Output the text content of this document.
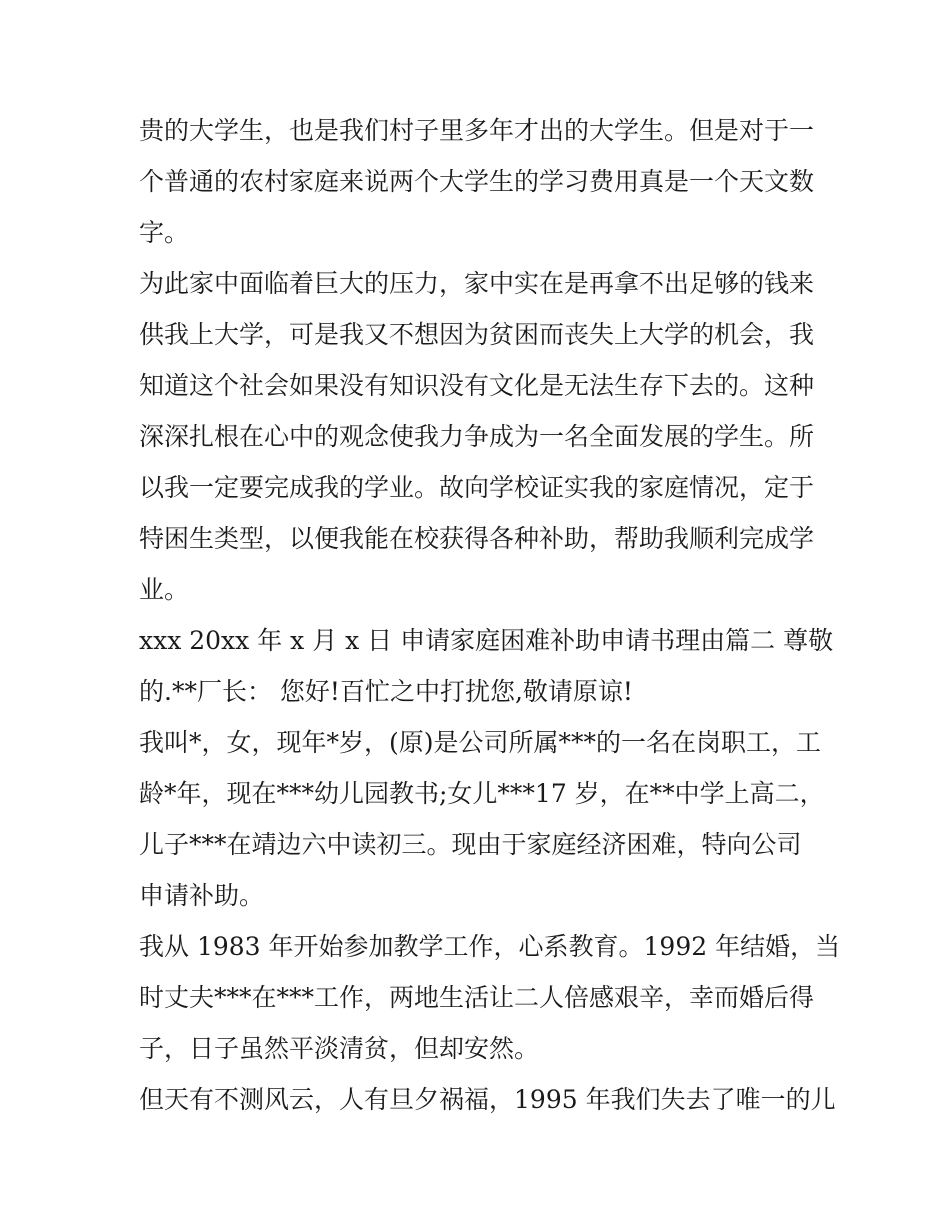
贵的大学生，也是我们村子里多年才出的大学生。但是对于一
个普通的农村家庭来说两个大学生的学习费用真是一个天文数
字。
为此家中面临着巨大的压力，家中实在是再拿不出足够的钱来
供我上大学，可是我又不想因为贫困而丧失上大学的机会，我
知道这个社会如果没有知识没有文化是无法生存下去的。这种
深深扎根在心中的观念使我力争成为一名全面发展的学生。所
以我一定要完成我的学业。故向学校证实我的家庭情况，定于
特困生类型，以便我能在校获得各种补助，帮助我顺利完成学
业。
xxx 20xx 年 x 月 x 日 申请家庭困难补助申请书理由篇二 尊敬
的.**厂长： 您好!百忙之中打扰您,敬请原谅!
我叫*，女，现年*岁，(原)是公司所属***的一名在岗职工，工
龄*年，现在***幼儿园教书;女儿***17 岁，在**中学上高二，
儿子***在靖边六中读初三。现由于家庭经济困难，特向公司
申请补助。
我从 1983 年开始参加教学工作，心系教育。1992 年结婚，当
时丈夫***在***工作，两地生活让二人倍感艰辛，幸而婚后得
子，日子虽然平淡清贫，但却安然。
但天有不测风云，人有旦夕祸福，1995 年我们失去了唯一的儿
